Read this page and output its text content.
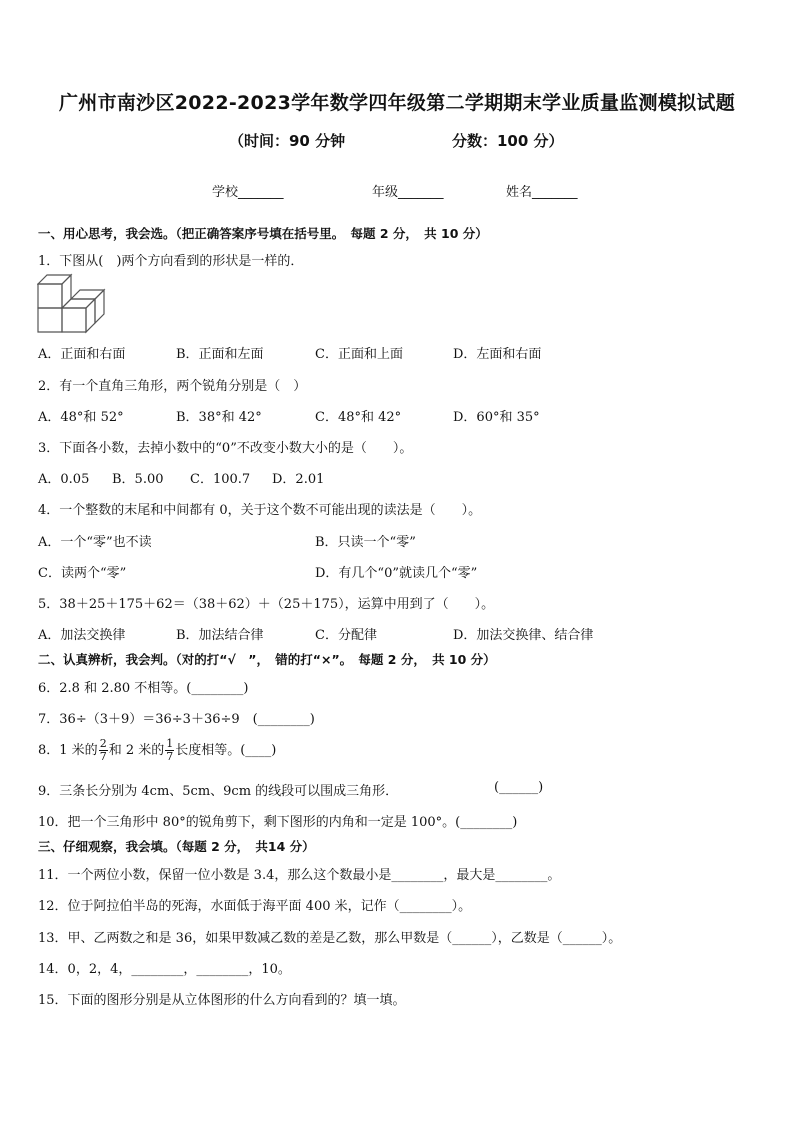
广州市南沙区2022-2023学年数学四年级第二学期期末学业质量监测模拟试题
（时间：90 分钟	分数：100 分）
学校_______	年级_______	姓名_______
一、用心思考，我会选。（把正确答案序号填在括号里。　每题 2 分，　共 10 分）
1．下图从(　)两个方向看到的形状是一样的．
A．正面和右面	B．正面和左面	C．正面和上面	D．左面和右面
2．有一个直角三角形，两个锐角分别是（　）
A．48°和 52°	B．38°和 42°	C．48°和 42°	D．60°和 35°
3．下面各小数，去掉小数中的“0”不改变小数大小的是（　　）。
A．0.05 B．5.00 C．100.7 D．2.01
4．一个整数的末尾和中间都有 0，关于这个数不可能出现的读法是（　　）。
A．一个“零”也不读	B．只读一个“零”
C．读两个“零”	D．有几个“0”就读几个“零”
5．38＋25＋175＋62＝（38＋62）＋（25＋175），运算中用到了（　　）。
A．加法交换律	B．加法结合律	C．分配律	D．加法交换律、结合律
二、认真辨析，我会判。（对的打“√　”，　错的打“×”。　每题 2 分，　共 10 分）
6．2.8 和 2.80 不相等。(________)
7．36÷（3＋9）＝36÷3＋36÷9　(________)
8．1 米的 $\frac{2}{7}$ 和 2 米的 $\frac{1}{7}$ 长度相等。(____)
9．三条长分别为 4cm、5cm、9cm 的线段可以围成三角形．	(______)
10．把一个三角形中 80°的锐角剪下，剩下图形的内角和一定是 100°。(________)
三、仔细观察，我会填。（每题 2 分，　共14 分）
11．一个两位小数，保留一位小数是 3.4，那么这个数最小是________，最大是________。
12．位于阿拉伯半岛的死海，水面低于海平面 400 米，记作（________）。
13．甲、乙两数之和是 36，如果甲数减乙数的差是乙数，那么甲数是（______），乙数是（______）。
14．0，2，4，________，________，10。
15．下面的图形分别是从立体图形的什么方向看到的？填一填。
